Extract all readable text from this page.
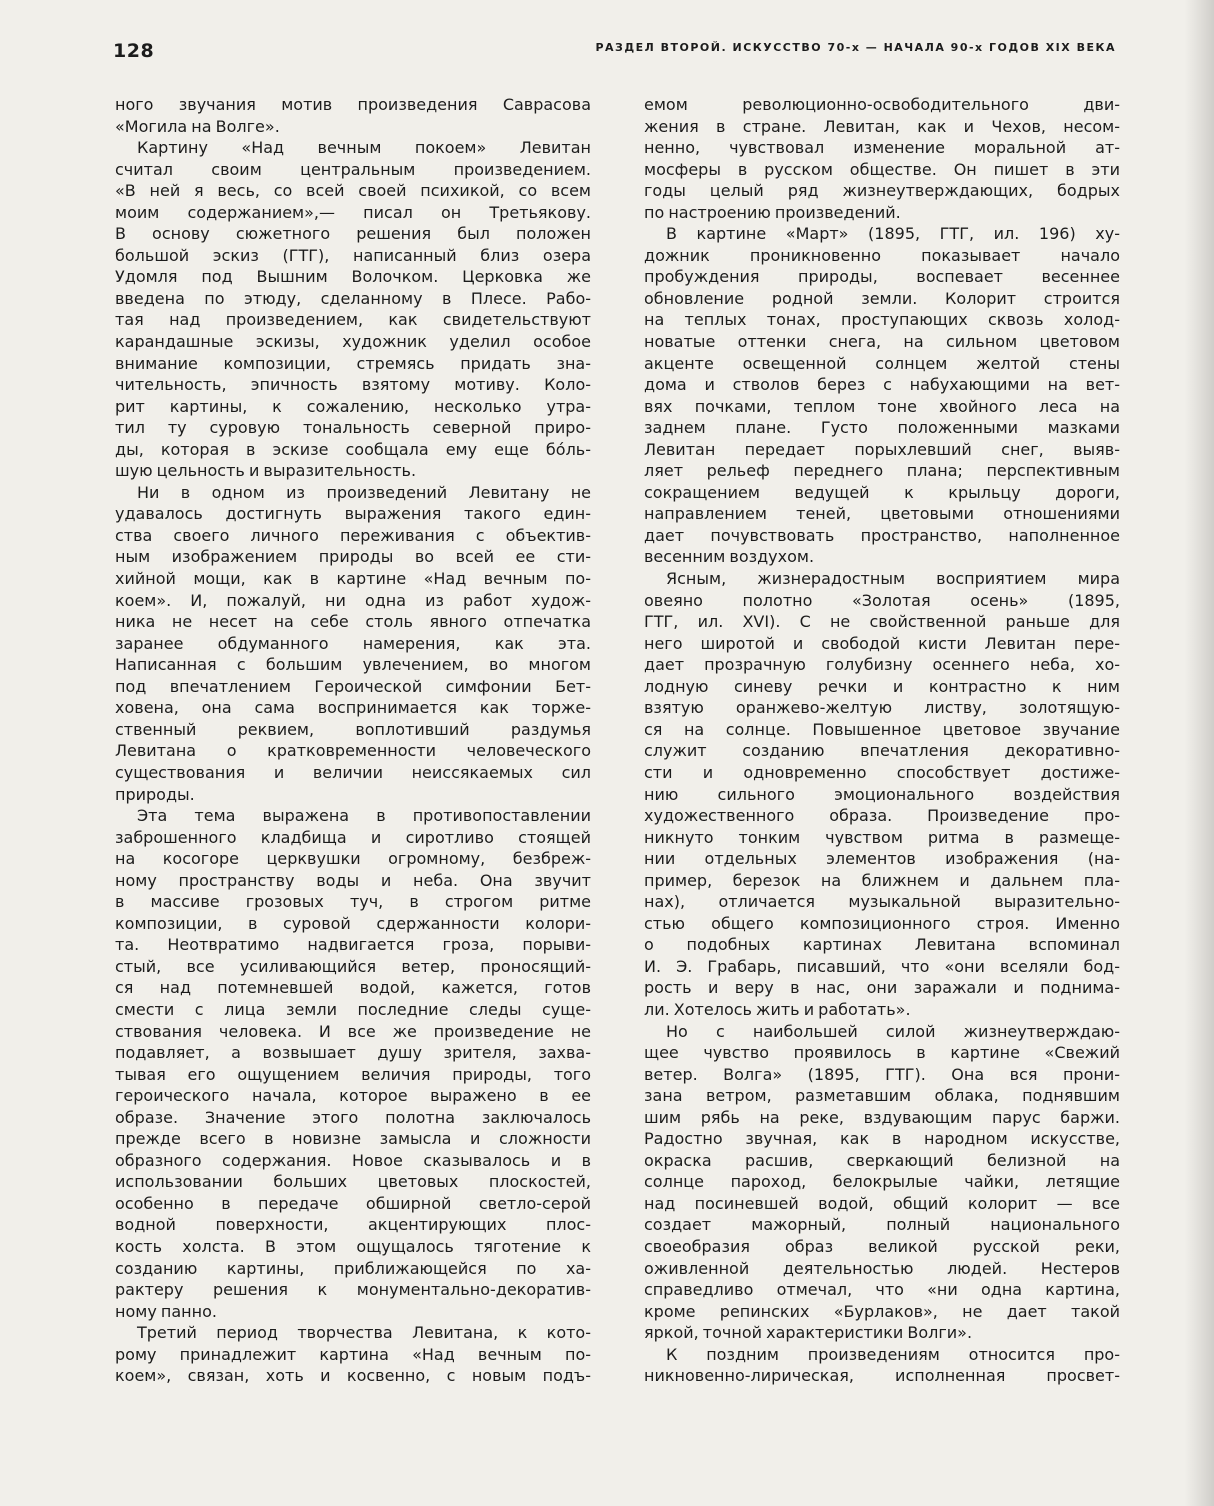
128	РАЗДЕЛ ВТОРОЙ. ИСКУССТВО 70-х — НАЧАЛА 90-х ГОДОВ XIX ВЕКА
ного звучания мотив произведения Саврасова
«Могила на Волге».
Картину «Над вечным покоем» Левитан
считал своим центральным произведением.
«В ней я весь, со всей своей психикой, со всем
моим содержанием»,— писал он Третьякову.
В основу сюжетного решения был положен
большой эскиз (ГТГ), написанный близ озера
Удомля под Вышним Волочком. Церковка же
введена по этюду, сделанному в Плесе. Рабо-
тая над произведением, как свидетельствуют
карандашные эскизы, художник уделил особое
внимание композиции, стремясь придать зна-
чительность, эпичность взятому мотиву. Коло-
рит картины, к сожалению, несколько утра-
тил ту суровую тональность северной приро-
ды, которая в эскизе сообщала ему еще бо́ль-
шую цельность и выразительность.
Ни в одном из произведений Левитану не
удавалось достигнуть выражения такого един-
ства своего личного переживания с объектив-
ным изображением природы во всей ее сти-
хийной мощи, как в картине «Над вечным по-
коем». И, пожалуй, ни одна из работ худож-
ника не несет на себе столь явного отпечатка
заранее обдуманного намерения, как эта.
Написанная с большим увлечением, во многом
под впечатлением Героической симфонии Бет-
ховена, она сама воспринимается как торже-
ственный реквием, воплотивший раздумья
Левитана о кратковременности человеческого
существования и величии неиссякаемых сил
природы.
Эта тема выражена в противопоставлении
заброшенного кладбища и сиротливо стоящей
на косогоре церквушки огромному, безбреж-
ному пространству воды и неба. Она звучит
в массиве грозовых туч, в строгом ритме
композиции, в суровой сдержанности колори-
та. Неотвратимо надвигается гроза, порыви-
стый, все усиливающийся ветер, проносящий-
ся над потемневшей водой, кажется, готов
смести с лица земли последние следы суще-
ствования человека. И все же произведение не
подавляет, а возвышает душу зрителя, захва-
тывая его ощущением величия природы, того
героического начала, которое выражено в ее
образе. Значение этого полотна заключалось
прежде всего в новизне замысла и сложности
образного содержания. Новое сказывалось и в
использовании больших цветовых плоскостей,
особенно в передаче обширной светло-серой
водной поверхности, акцентирующих плос-
кость холста. В этом ощущалось тяготение к
созданию картины, приближающейся по ха-
рактеру решения к монументально-декоратив-
ному панно.
Третий период творчества Левитана, к кото-
рому принадлежит картина «Над вечным по-
коем», связан, хоть и косвенно, с новым подъ-
емом революционно-освободительного дви-
жения в стране. Левитан, как и Чехов, несом-
ненно, чувствовал изменение моральной ат-
мосферы в русском обществе. Он пишет в эти
годы целый ряд жизнеутверждающих, бодрых
по настроению произведений.
В картине «Март» (1895, ГТГ, ил. 196) ху-
дожник проникновенно показывает начало
пробуждения природы, воспевает весеннее
обновление родной земли. Колорит строится
на теплых тонах, проступающих сквозь холод-
новатые оттенки снега, на сильном цветовом
акценте освещенной солнцем желтой стены
дома и стволов берез с набухающими на вет-
вях почками, теплом тоне хвойного леса на
заднем плане. Густо положенными мазками
Левитан передает порыхлевший снег, выяв-
ляет рельеф переднего плана; перспективным
сокращением ведущей к крыльцу дороги,
направлением теней, цветовыми отношениями
дает почувствовать пространство, наполненное
весенним воздухом.
Ясным, жизнерадостным восприятием мира
овеяно полотно «Золотая осень» (1895,
ГТГ, ил. XVI). С не свойственной раньше для
него широтой и свободой кисти Левитан пере-
дает прозрачную голубизну осеннего неба, хо-
лодную синеву речки и контрастно к ним
взятую оранжево-желтую листву, золотящую-
ся на солнце. Повышенное цветовое звучание
служит созданию впечатления декоративно-
сти и одновременно способствует достиже-
нию сильного эмоционального воздействия
художественного образа. Произведение про-
никнуто тонким чувством ритма в размеще-
нии отдельных элементов изображения (на-
пример, березок на ближнем и дальнем пла-
нах), отличается музыкальной выразительно-
стью общего композиционного строя. Именно
о подобных картинах Левитана вспоминал
И. Э. Грабарь, писавший, что «они вселяли бод-
рость и веру в нас, они заражали и поднима-
ли. Хотелось жить и работать».
Но с наибольшей силой жизнеутверждаю-
щее чувство проявилось в картине «Свежий
ветер. Волга» (1895, ГТГ). Она вся прони-
зана ветром, разметавшим облака, поднявшим
шим рябь на реке, вздувающим парус баржи.
Радостно звучная, как в народном искусстве,
окраска расшив, сверкающий белизной на
солнце пароход, белокрылые чайки, летящие
над посиневшей водой, общий колорит — все
создает мажорный, полный национального
своеобразия образ великой русской реки,
оживленной деятельностью людей. Нестеров
справедливо отмечал, что «ни одна картина,
кроме репинских «Бурлаков», не дает такой
яркой, точной характеристики Волги».
К поздним произведениям относится про-
никновенно-лирическая, исполненная просвет-
